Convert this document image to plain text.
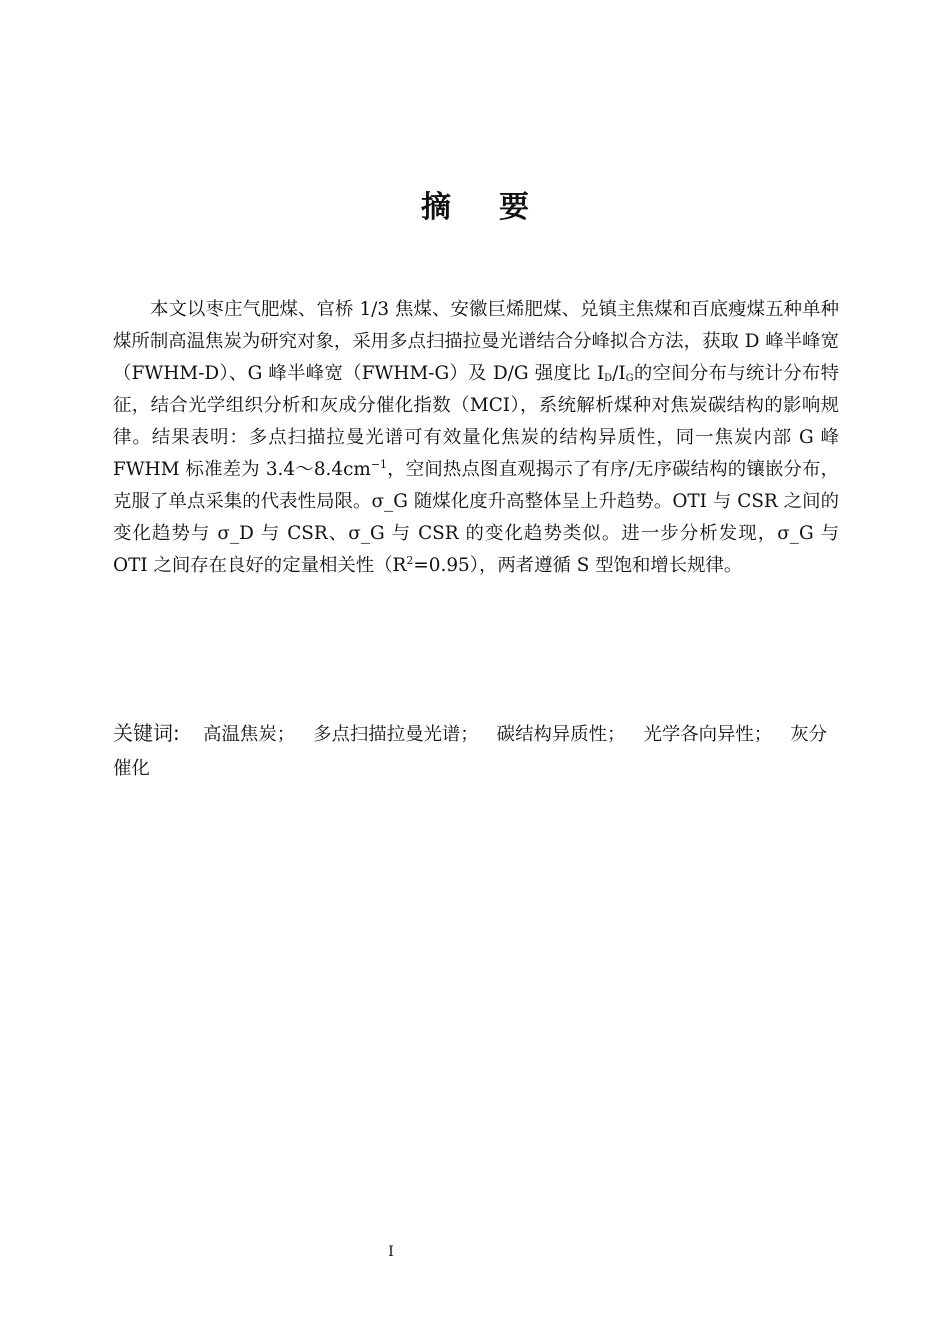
摘要

本文以枣庄气肥煤、官桥 1/3 焦煤、安徽巨烯肥煤、兑镇主焦煤和百底瘦煤五种单种煤所制高温焦炭为研究对象，采用多点扫描拉曼光谱结合分峰拟合方法，获取 D 峰半峰宽（FWHM-D）、G 峰半峰宽（FWHM-G）及 D/G 强度比 $I_D/I_G$的空间分布与统计分布特征，结合光学组织分析和灰成分催化指数（MCI），系统解析煤种对焦炭碳结构的影响规律。结果表明：多点扫描拉曼光谱可有效量化焦炭的结构异质性，同一焦炭内部 G 峰 FWHM 标准差为 $3.4\sim 8.4cm^{-1}$，空间热点图直观揭示了有序/无序碳结构的镶嵌分布，克服了单点采集的代表性局限。σ_G 随煤化度升高整体呈上升趋势。OTI 与 CSR 之间的变化趋势与 σ_D 与 CSR、σ_G 与 CSR 的变化趋势类似。进一步分析发现，σ_G 与 OTI 之间存在良好的定量相关性$(R^2=0.95)$，两者遵循 S 型饱和增长规律。

关键词: 高温焦炭； 多点扫描拉曼光谱； 碳结构异质性； 光学各向异性； 灰分催化

I
